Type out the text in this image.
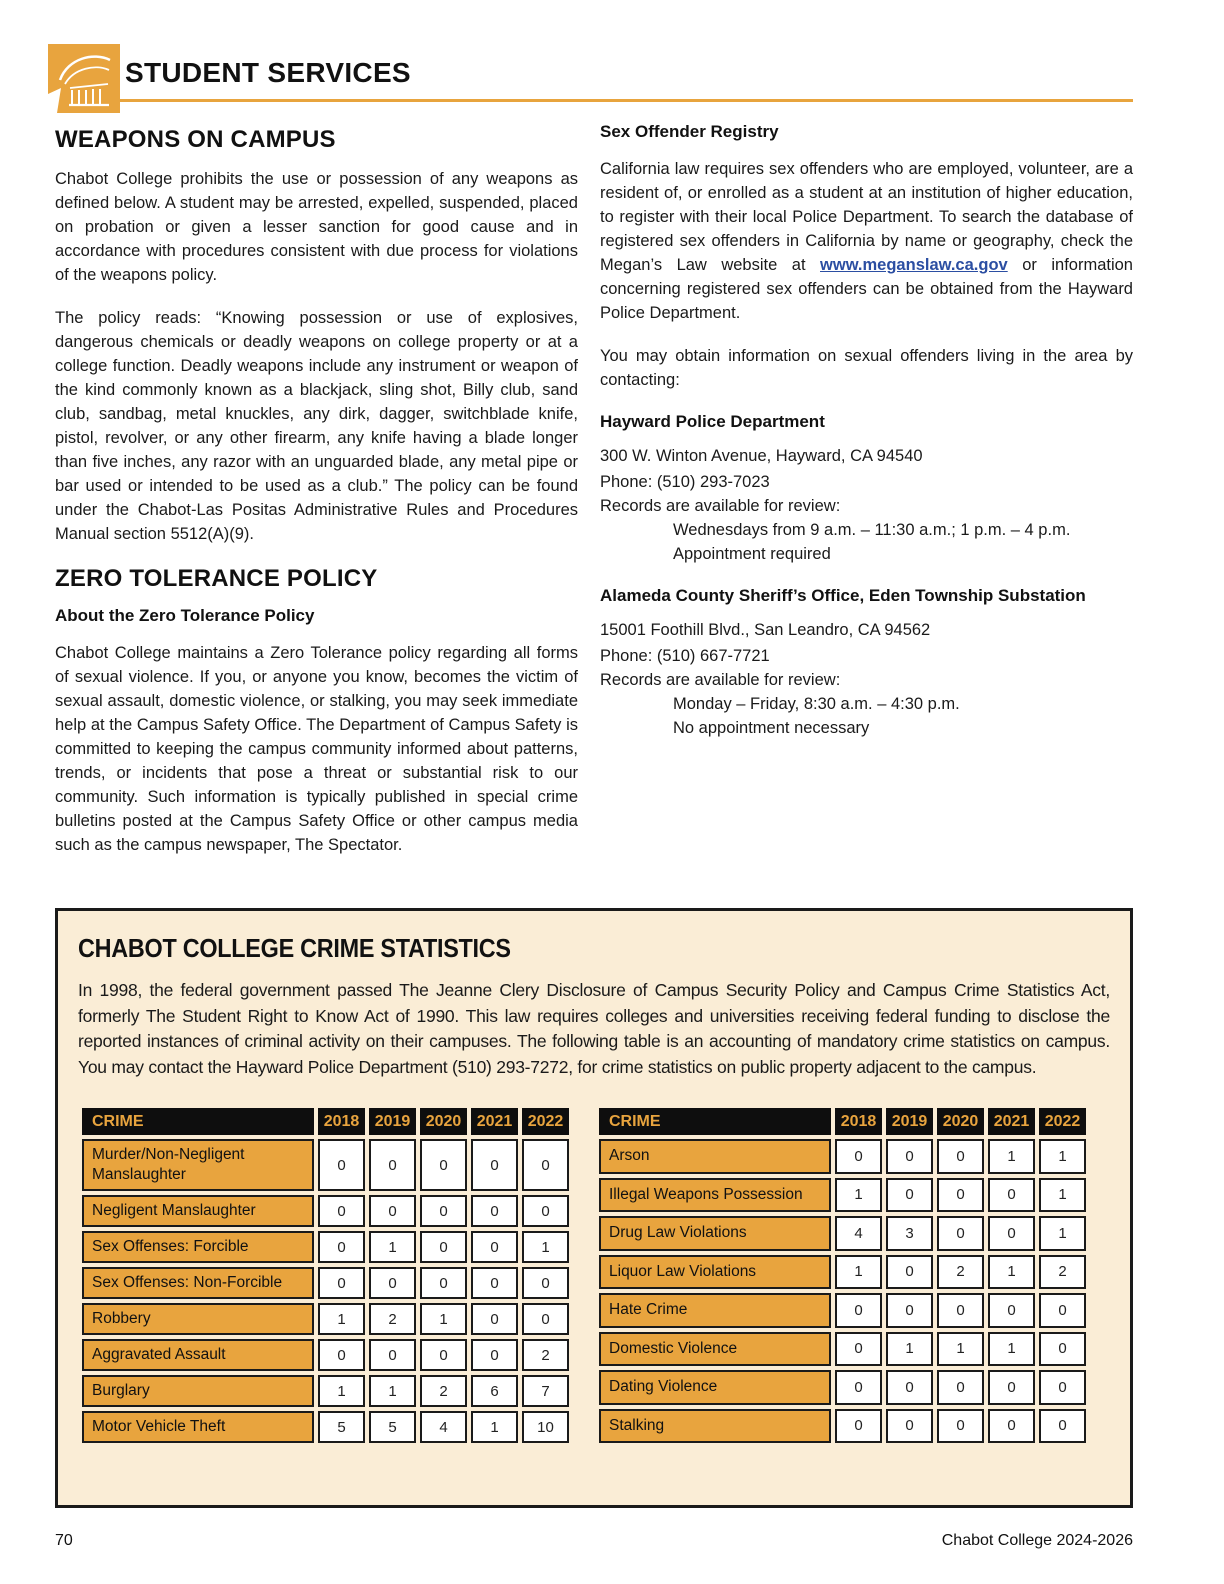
STUDENT SERVICES
WEAPONS ON CAMPUS

Chabot College prohibits the use or possession of any weapons as defined below. A student may be arrested, expelled, suspended, placed on probation or given a lesser sanction for good cause and in accordance with procedures consistent with due process for violations of the weapons policy.

The policy reads: “Knowing possession or use of explosives, dangerous chemicals or deadly weapons on college property or at a college function. Deadly weapons include any instrument or weapon of the kind commonly known as a blackjack, sling shot, Billy club, sand club, sandbag, metal knuckles, any dirk, dagger, switchblade knife, pistol, revolver, or any other firearm, any knife having a blade longer than five inches, any razor with an unguarded blade, any metal pipe or bar used or intended to be used as a club.” The policy can be found under the Chabot-Las Positas Administrative Rules and Procedures Manual section 5512(A)(9).

ZERO TOLERANCE POLICY
About the Zero Tolerance Policy

Chabot College maintains a Zero Tolerance policy regarding all forms of sexual violence. If you, or anyone you know, becomes the victim of sexual assault, domestic violence, or stalking, you may seek immediate help at the Campus Safety Office. The Department of Campus Safety is committed to keeping the campus community informed about patterns, trends, or incidents that pose a threat or substantial risk to our community. Such information is typically published in special crime bulletins posted at the Campus Safety Office or other campus media such as the campus newspaper, The Spectator.

Sex Offender Registry

California law requires sex offenders who are employed, volunteer, are a resident of, or enrolled as a student at an institution of higher education, to register with their local Police Department. To search the database of registered sex offenders in California by name or geography, check the Megan’s Law website at www.meganslaw.ca.gov or information concerning registered sex offenders can be obtained from the Hayward Police Department.

You may obtain information on sexual offenders living in the area by contacting:

Hayward Police Department
300 W. Winton Avenue, Hayward, CA 94540
Phone: (510) 293-7023
Records are available for review:
Wednesdays from 9 a.m. – 11:30 a.m.; 1 p.m. – 4 p.m.
Appointment required
Alameda County Sheriff’s Office, Eden Township Substation
15001 Foothill Blvd., San Leandro, CA 94562
Phone: (510) 667-7721
Records are available for review:
Monday – Friday, 8:30 a.m. – 4:30 p.m.
No appointment necessary
CHABOT COLLEGE CRIME STATISTICS

In 1998, the federal government passed The Jeanne Clery Disclosure of Campus Security Policy and Campus Crime Statistics Act, formerly The Student Right to Know Act of 1990. This law requires colleges and universities receiving federal funding to disclose the reported instances of criminal activity on their campuses. The following table is an accounting of mandatory crime statistics on campus. You may contact the Hayward Police Department (510) 293-7272, for crime statistics on public property adjacent to the campus.

CRIME	2018	2019	2020	2021	2022
Murder/Non-Negligent Manslaughter	0	0	0	0	0
Negligent Manslaughter	0	0	0	0	0
Sex Offenses: Forcible	0	1	0	0	1
Sex Offenses: Non-Forcible	0	0	0	0	0
Robbery	1	2	1	0	0
Aggravated Assault	0	0	0	0	2
Burglary	1	1	2	6	7
Motor Vehicle Theft	5	5	4	1	10
CRIME	2018	2019	2020	2021	2022
Arson	0	0	0	1	1
Illegal Weapons Possession	1	0	0	0	1
Drug Law Violations	4	3	0	0	1
Liquor Law Violations	1	0	2	1	2
Hate Crime	0	0	0	0	0
Domestic Violence	0	1	1	1	0
Dating Violence	0	0	0	0	0
Stalking	0	0	0	0	0
70	Chabot College 2024-2026
